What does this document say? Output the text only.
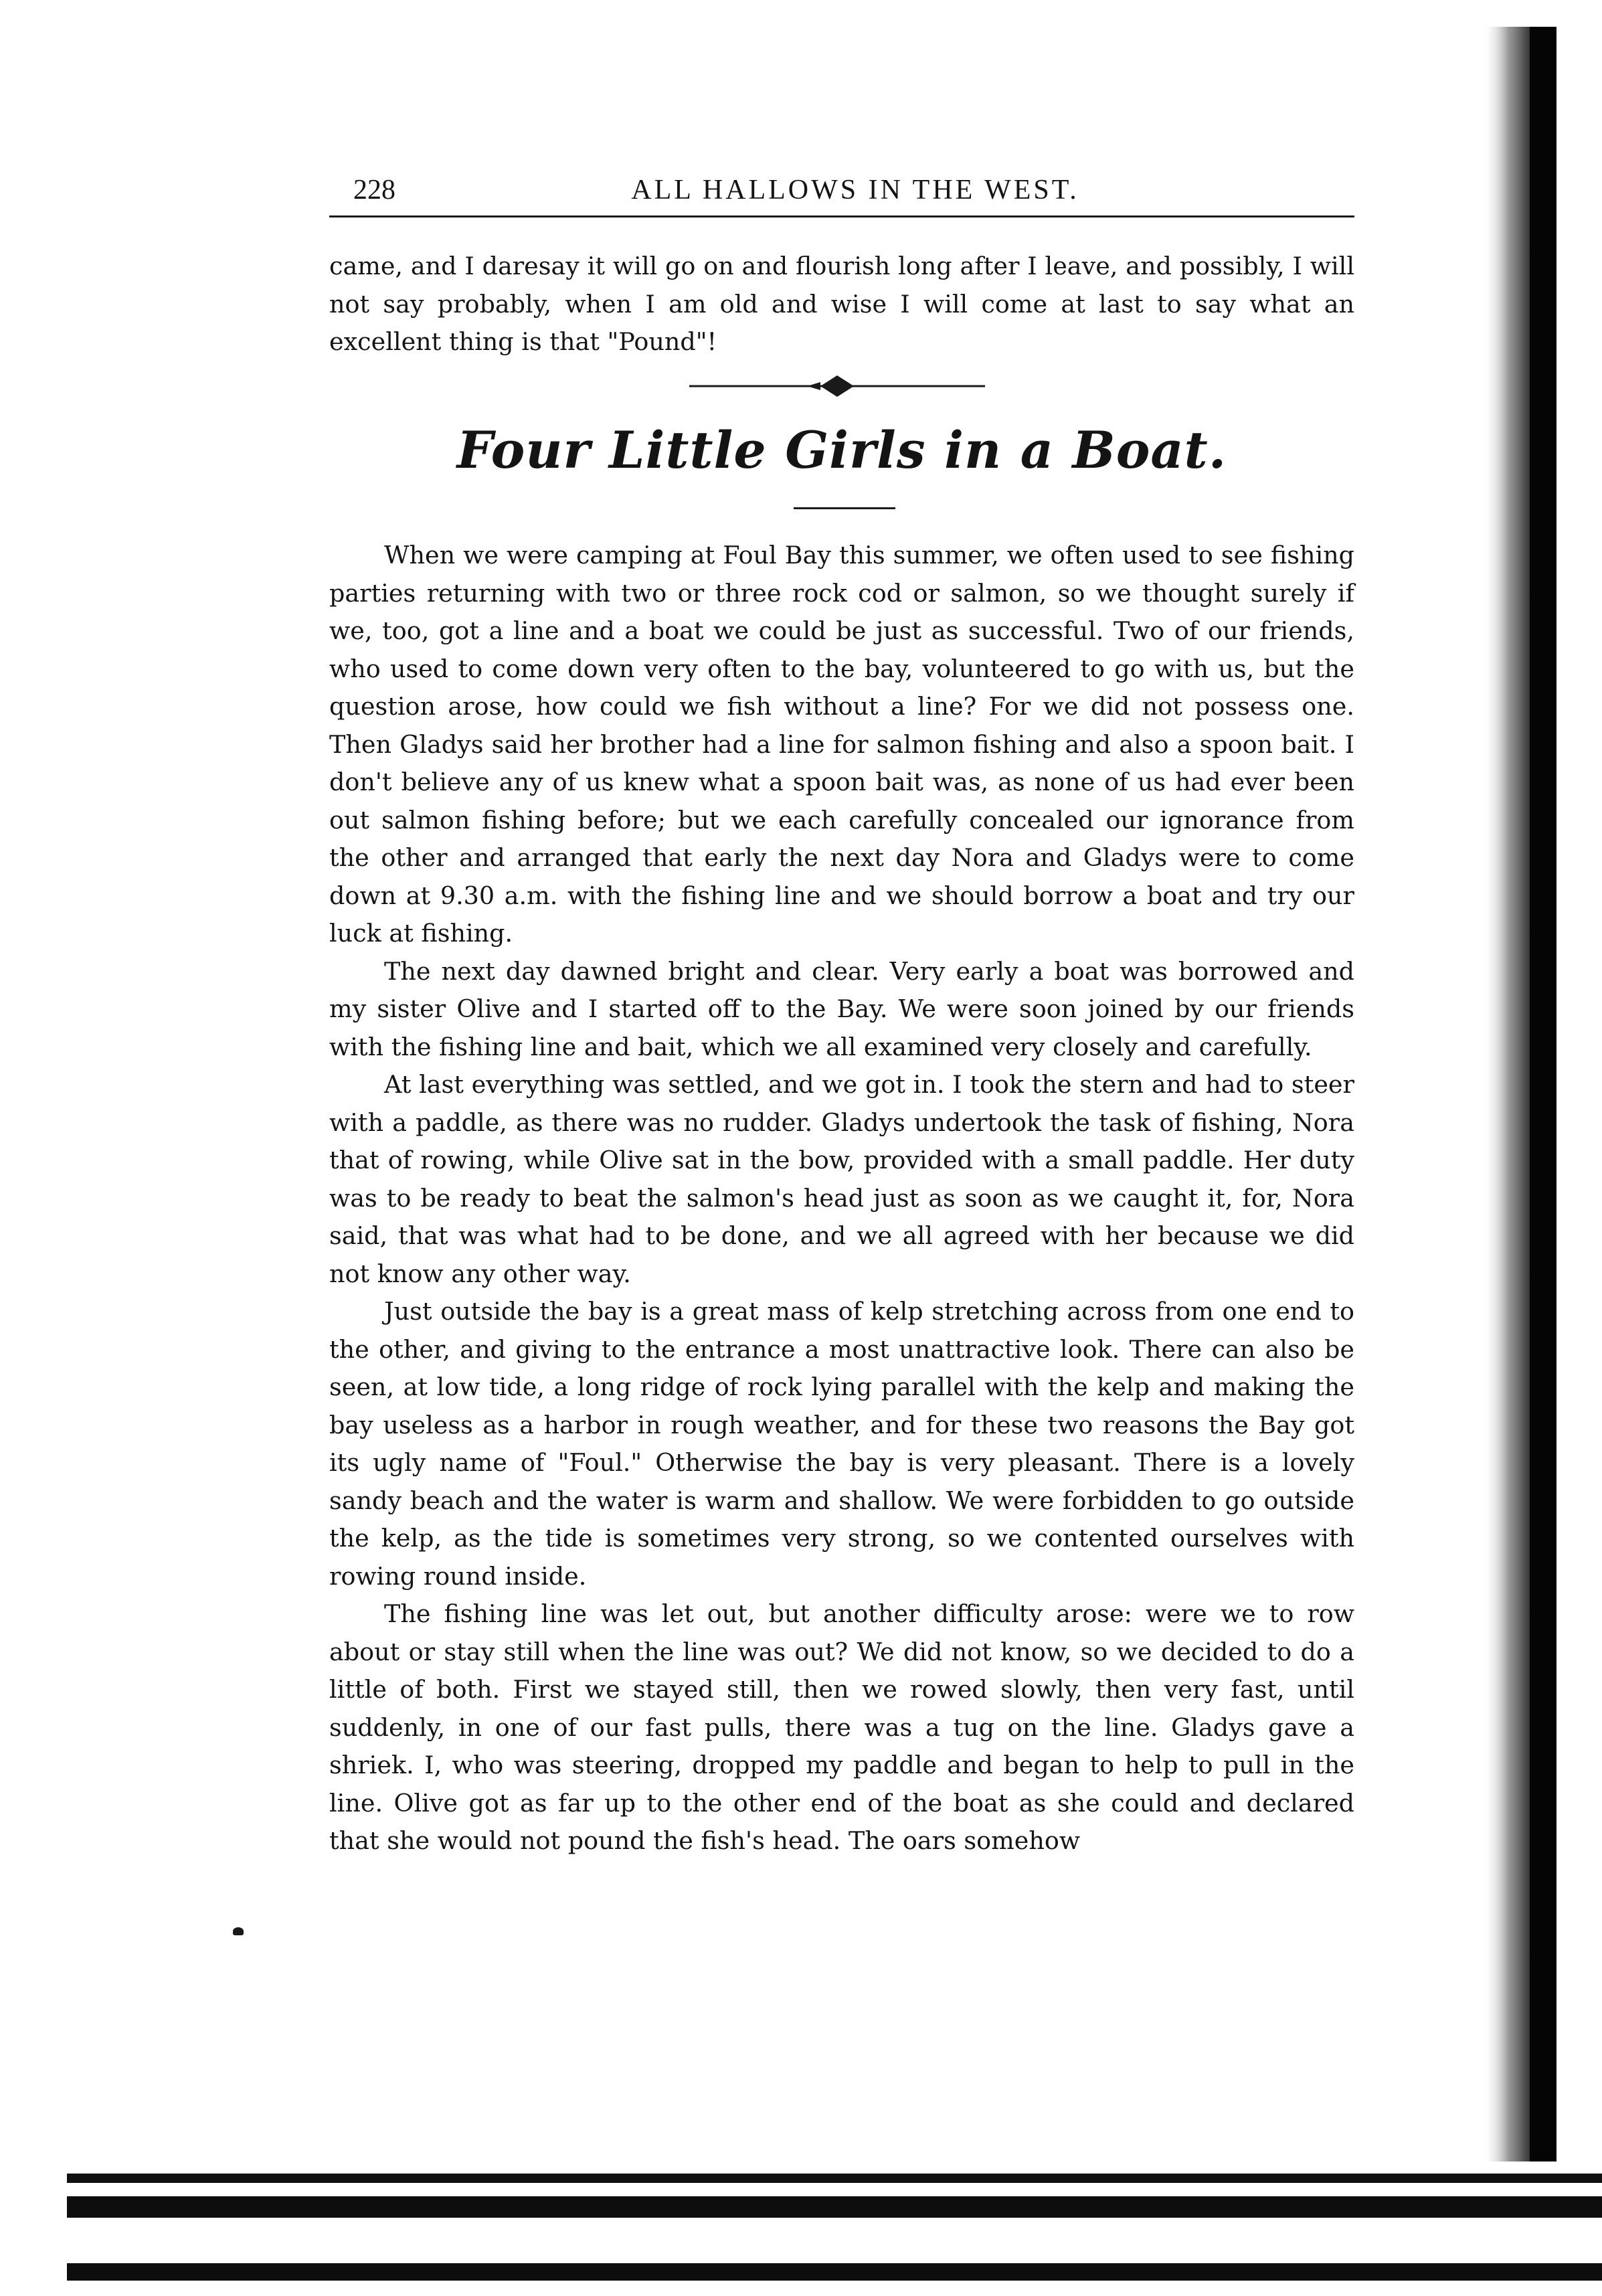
228	ALL HALLOWS IN THE WEST.

came, and I daresay it will go on and flourish long after I leave, and possibly, I will not say probably, when I am old and wise I will come at last to say what an excellent thing is that "Pound"!

Four Little Girls in a Boat.

When we were camping at Foul Bay this summer, we often used to see fishing parties returning with two or three rock cod or salmon, so we thought surely if we, too, got a line and a boat we could be just as successful. Two of our friends, who used to come down very often to the bay, volunteered to go with us, but the question arose, how could we fish without a line? For we did not possess one. Then Gladys said her brother had a line for salmon fishing and also a spoon bait. I don't believe any of us knew what a spoon bait was, as none of us had ever been out salmon fishing before; but we each carefully concealed our ignorance from the other and arranged that early the next day Nora and Gladys were to come down at 9.30 a.m. with the fishing line and we should borrow a boat and try our luck at fishing.

The next day dawned bright and clear. Very early a boat was borrowed and my sister Olive and I started off to the Bay. We were soon joined by our friends with the fishing line and bait, which we all examined very closely and carefully.

At last everything was settled, and we got in. I took the stern and had to steer with a paddle, as there was no rudder. Gladys undertook the task of fishing, Nora that of rowing, while Olive sat in the bow, provided with a small paddle. Her duty was to be ready to beat the salmon's head just as soon as we caught it, for, Nora said, that was what had to be done, and we all agreed with her because we did not know any other way.

Just outside the bay is a great mass of kelp stretching across from one end to the other, and giving to the entrance a most unattractive look. There can also be seen, at low tide, a long ridge of rock lying parallel with the kelp and making the bay useless as a harbor in rough weather, and for these two reasons the Bay got its ugly name of "Foul." Otherwise the bay is very pleasant. There is a lovely sandy beach and the water is warm and shallow. We were forbidden to go outside the kelp, as the tide is sometimes very strong, so we contented ourselves with rowing round inside.

The fishing line was let out, but another difficulty arose: were we to row about or stay still when the line was out? We did not know, so we decided to do a little of both. First we stayed still, then we rowed slowly, then very fast, until suddenly, in one of our fast pulls, there was a tug on the line. Gladys gave a shriek. I, who was steering, dropped my paddle and began to help to pull in the line. Olive got as far up to the other end of the boat as she could and declared that she would not pound the fish's head. The oars somehow
